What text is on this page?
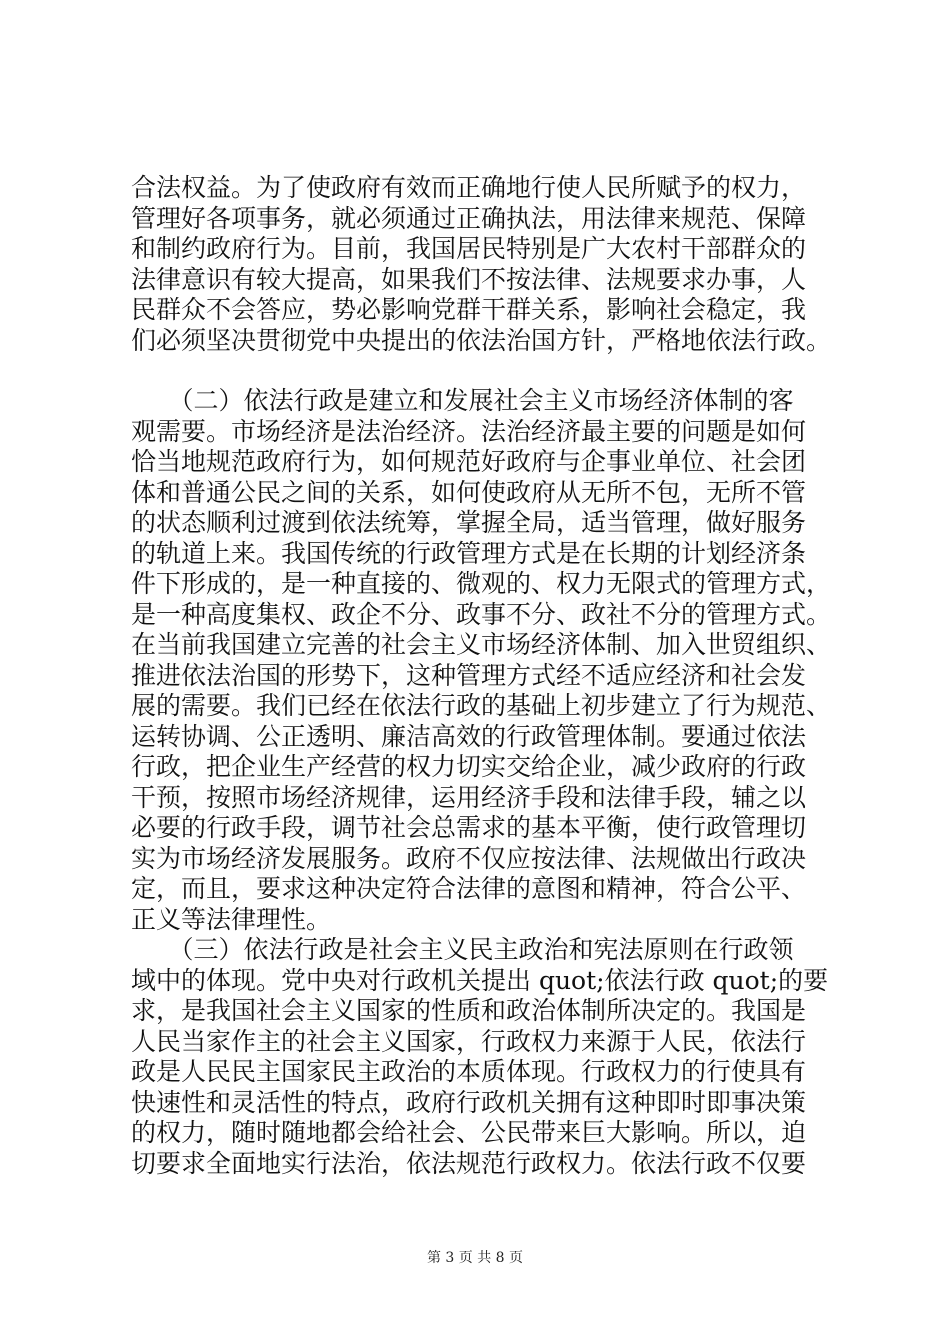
合法权益。为了使政府有效而正确地行使人民所赋予的权力，
管理好各项事务，就必须通过正确执法，用法律来规范、保障
和制约政府行为。目前，我国居民特别是广大农村干部群众的
法律意识有较大提高，如果我们不按法律、法规要求办事，人
民群众不会答应，势必影响党群干群关系，影响社会稳定，我
们必须坚决贯彻党中央提出的依法治国方针，严格地依法行政。
　　（二）依法行政是建立和发展社会主义市场经济体制的客
观需要。市场经济是法治经济。法治经济最主要的问题是如何
恰当地规范政府行为，如何规范好政府与企事业单位、社会团
体和普通公民之间的关系，如何使政府从无所不包，无所不管
的状态顺利过渡到依法统筹，掌握全局，适当管理，做好服务
的轨道上来。我国传统的行政管理方式是在长期的计划经济条
件下形成的，是一种直接的、微观的、权力无限式的管理方式，
是一种高度集权、政企不分、政事不分、政社不分的管理方式。
在当前我国建立完善的社会主义市场经济体制、加入世贸组织、
推进依法治国的形势下，这种管理方式经不适应经济和社会发
展的需要。我们已经在依法行政的基础上初步建立了行为规范、
运转协调、公正透明、廉洁高效的行政管理体制。要通过依法
行政，把企业生产经营的权力切实交给企业，减少政府的行政
干预，按照市场经济规律，运用经济手段和法律手段，辅之以
必要的行政手段，调节社会总需求的基本平衡，使行政管理切
实为市场经济发展服务。政府不仅应按法律、法规做出行政决
定，而且，要求这种决定符合法律的意图和精神，符合公平、
正义等法律理性。
　　（三）依法行政是社会主义民主政治和宪法原则在行政领
域中的体现。党中央对行政机关提出 quot;依法行政 quot;的要
求，是我国社会主义国家的性质和政治体制所决定的。我国是
人民当家作主的社会主义国家，行政权力来源于人民，依法行
政是人民民主国家民主政治的本质体现。行政权力的行使具有
快速性和灵活性的特点，政府行政机关拥有这种即时即事决策
的权力，随时随地都会给社会、公民带来巨大影响。所以，迫
切要求全面地实行法治，依法规范行政权力。依法行政不仅要
第 3 页 共 8 页
